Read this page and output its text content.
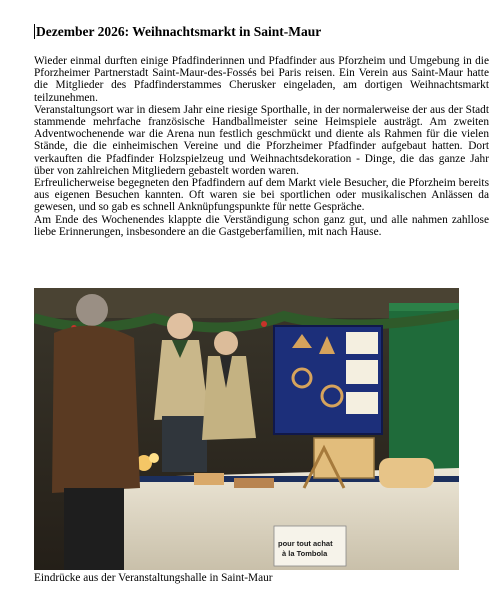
Dezember 2026: Weihnachtsmarkt in Saint-Maur

Wieder einmal durften einige Pfadfinderinnen und Pfadfinder aus Pforzheim und Umgebung in die Pforzheimer Partnerstadt Saint-Maur-des-Fossés bei Paris reisen. Ein Verein aus Saint-Maur hatte die Mitglieder des Pfadfinderstammes Cherusker eingeladen, am dortigen Weihnachtsmarkt teilzunehmen.

Veranstaltungsort war in diesem Jahr eine riesige Sporthalle, in der normalerweise der aus der Stadt stammende mehrfache französische Handballmeister seine Heimspiele austrägt. Am zweiten Adventwochenende war die Arena nun festlich geschmückt und diente als Rahmen für die vielen Stände, die die einheimischen Vereine und die Pforzheimer Pfadfinder aufgebaut hatten. Dort verkauften die Pfadfinder Holzspielzeug und Weihnachtsdekoration - Dinge, die das ganze Jahr über von zahlreichen Mitgliedern gebastelt worden waren.

Erfreulicherweise begegneten den Pfadfindern auf dem Markt viele Besucher, die Pforzheim bereits aus eigenen Besuchen kannten. Oft waren sie bei sportlichen oder musikalischen Anlässen da gewesen, und so gab es schnell Anknüpfungspunkte für nette Gespräche.

Am Ende des Wochenendes klappte die Verständigung schon ganz gut, und alle nahmen zahllose liebe Erinnerungen, insbesondere an die Gastgeberfamilien, mit nach Hause.

pour tout achat
à la Tombola
Eindrücke aus der Veranstaltungshalle in Saint-Maur
